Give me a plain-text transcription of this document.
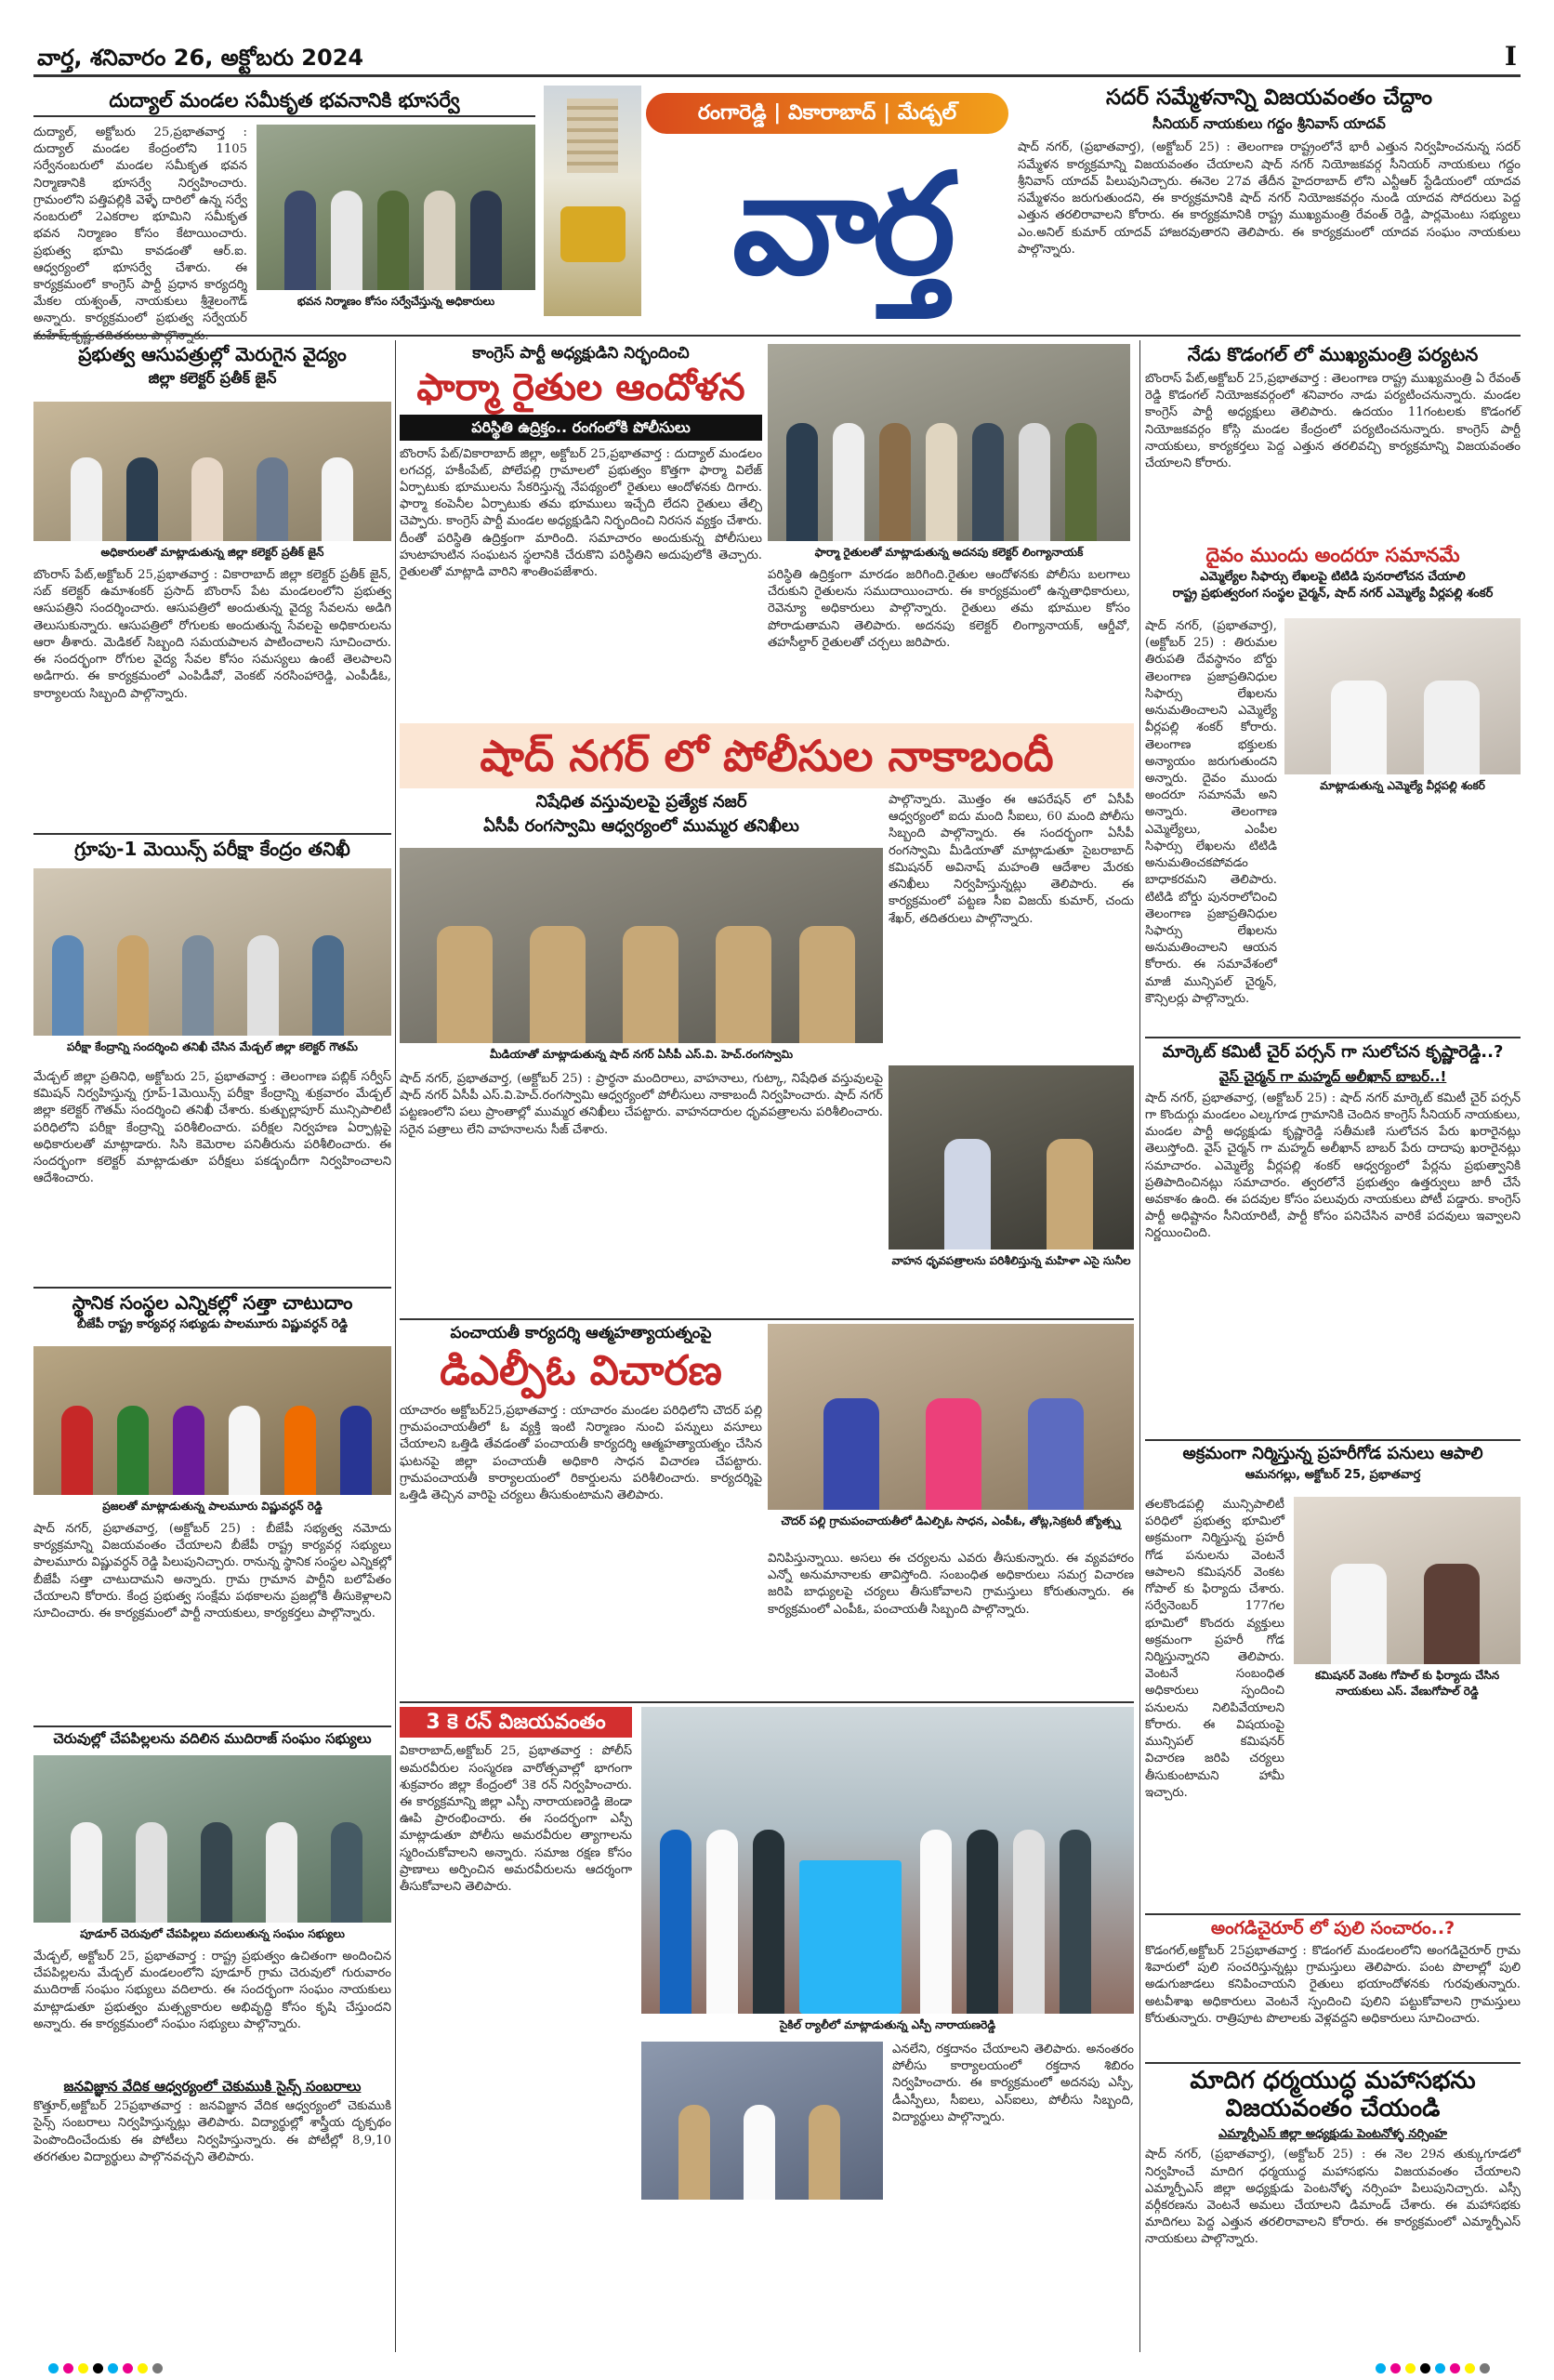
వార్త, శనివారం 26, అక్టోబరు 2024	I
దుద్యాల్ మండల సమీకృత భవనానికి భూసర్వే
దుద్యాల్, అక్టోబరు 25,ప్రభాతవార్త : దుద్యాల్ మండల కేంద్రంలోని 1105 సర్వేనంబరులో మండల సమీకృత భవన నిర్మాణానికి భూసర్వే నిర్వహించారు. గ్రామంలోని పత్తిపల్లికి వెళ్ళే దారిలో ఉన్న సర్వే నంబరులో 2ఎకరాల భూమిని సమీకృత భవన నిర్మాణం కోసం కేటాయించారు. ప్రభుత్వ భూమి కావడంతో ఆర్.ఐ. ఆధ్వర్యంలో భూసర్వే చేశారు. ఈ కార్యక్రమంలో కాంగ్రెస్ పార్టీ ప్రధాన కార్యదర్శి మేకల యశ్వంత్, నాయకులు శ్రీశైలంగౌడ్ అన్నారు. కార్యక్రమంలో ప్రభుత్వ సర్వేయర్
భవన నిర్మాణం కోసం సర్వేచేస్తున్న అధికారులు
రంగారెడ్డి | వికారాబాద్ | మేడ్చల్
వార్త
సదర్ సమ్మేళనాన్ని విజయవంతం చేద్దాం
సీనియర్ నాయకులు గద్దం శ్రీనివాస్ యాదవ్
షాద్ నగర్, (ప్రభాతవార్త), (అక్టోబర్ 25) : తెలంగాణ రాష్ట్రంలోనే భారీ ఎత్తున నిర్వహించనున్న సదర్ సమ్మేళన కార్యక్రమాన్ని విజయవంతం చేయాలని షాద్ నగర్ నియోజకవర్గ సీనియర్ నాయకులు గద్దం శ్రీనివాస్ యాదవ్ పిలుపునిచ్చారు. ఈనెల 27వ తేదీన హైదరాబాద్ లోని ఎన్టీఆర్ స్టేడియంలో యాదవ సమ్మేళనం జరుగుతుందని, ఈ కార్యక్రమానికి షాద్ నగర్ నియోజకవర్గం నుండి యాదవ సోదరులు పెద్ద ఎత్తున తరలిరావాలని కోరారు. ఈ కార్యక్రమానికి రాష్ట్ర ముఖ్యమంత్రి రేవంత్ రెడ్డి, పార్లమెంటు సభ్యులు ఎం.అనిల్ కుమార్ యాదవ్ హాజరవుతారని తెలిపారు. ఈ కార్యక్రమంలో యాదవ సంఘం నాయకులు పాల్గొన్నారు.
ప్రభుత్వ ఆసుపత్రుల్లో మెరుగైన వైద్యం
జిల్లా కలెక్టర్ ప్రతీక్ జైన్
అధికారులతో మాట్లాడుతున్న జిల్లా కలెక్టర్ ప్రతీక్ జైన్
బొంరాస్ పేట్,అక్టోబర్ 25,ప్రభాతవార్త : వికారాబాద్ జిల్లా కలెక్టర్ ప్రతీక్ జైన్, సబ్ కలెక్టర్ ఉమాశంకర్ ప్రసాద్ బొంరాస్ పేట మండలంలోని ప్రభుత్వ ఆసుపత్రిని సందర్శించారు. ఆసుపత్రిలో అందుతున్న వైద్య సేవలను అడిగి తెలుసుకున్నారు. ఆసుపత్రిలో రోగులకు అందుతున్న సేవలపై అధికారులను ఆరా తీశారు. మెడికల్ సిబ్బంది సమయపాలన పాటించాలని సూచించారు. ఈ సందర్భంగా రోగుల వైద్య సేవల కోసం సమస్యలు ఉంటే తెలపాలని అడిగారు. ఈ కార్యక్రమంలో ఎంపిడీవో, వెంకట్ నరసింహారెడ్డి, ఎంపీడీఓ, కార్యాలయ సిబ్బంది పాల్గొన్నారు.
కాంగ్రెస్ పార్టీ అధ్యక్షుడిని నిర్భందించి
ఫార్మా రైతుల ఆందోళన
పరిస్థితి ఉద్రిక్తం.. రంగంలోకి పోలీసులు
బొంరాస్ పేట్/వికారాబాద్ జిల్లా, అక్టోబర్ 25,ప్రభాతవార్త : దుద్యాల్ మండలం లగచర్ల, హకీంపేట్, పోలేపల్లి గ్రామాలలో ప్రభుత్వం కొత్తగా ఫార్మా విలేజ్ ఏర్పాటుకు భూములను సేకరిస్తున్న నేపథ్యంలో రైతులు ఆందోళనకు దిగారు. ఫార్మా కంపెనీల ఏర్పాటుకు తమ భూములు ఇచ్చేది లేదని రైతులు తేల్చి చెప్పారు. కాంగ్రెస్ పార్టీ మండల అధ్యక్షుడిని నిర్భందించి నిరసన వ్యక్తం చేశారు. దీంతో పరిస్థితి ఉద్రిక్తంగా మారింది. సమాచారం అందుకున్న పోలీసులు హుటాహుటిన సంఘటన స్థలానికి చేరుకొని పరిస్థితిని అదుపులోకి తెచ్చారు. రైతులతో మాట్లాడి వారిని శాంతింపజేశారు.
ఫార్మా రైతులతో మాట్లాడుతున్న అదనపు కలెక్టర్ లింగ్యానాయక్
పరిస్థితి ఉద్రిక్తంగా మారడం జరిగింది.రైతుల ఆందోళనకు పోలీసు బలగాలు చేరుకుని రైతులను సముదాయించారు. ఈ కార్యక్రమంలో ఉన్నతాధికారులు, రెవెన్యూ అధికారులు పాల్గొన్నారు. రైతులు తమ భూముల కోసం పోరాడుతామని తెలిపారు. అదనపు కలెక్టర్ లింగ్యానాయక్, ఆర్డీవో, తహసీల్దార్ రైతులతో చర్చలు జరిపారు.
నేడు కొడంగల్ లో ముఖ్యమంత్రి పర్యటన
బొంరాస్ పేట్,అక్టోబర్ 25,ప్రభాతవార్త : తెలంగాణ రాష్ట్ర ముఖ్యమంత్రి ఏ రేవంత్ రెడ్డి కొడంగల్ నియోజకవర్గంలో శనివారం నాడు పర్యటించనున్నారు. మండల కాంగ్రెస్ పార్టీ అధ్యక్షులు తెలిపారు. ఉదయం 11గంటలకు కొడంగల్ నియోజకవర్గం కోస్గి మండల కేంద్రంలో పర్యటించనున్నారు. కాంగ్రెస్ పార్టీ నాయకులు, కార్యకర్తలు పెద్ద ఎత్తున తరలివచ్చి కార్యక్రమాన్ని విజయవంతం చేయాలని కోరారు.
దైవం ముందు అందరూ సమానమే
ఎమ్మెల్యేల సిఫార్సు లేఖలపై టిటిడి పునరాలోచన చేయాలి
రాష్ట్ర ప్రభుత్వరంగ సంస్థల చైర్మన్, షాద్ నగర్ ఎమ్మెల్యే వీర్లపల్లి శంకర్
మాట్లాడుతున్న ఎమ్మెల్యే వీర్లపల్లి శంకర్
షాద్ నగర్, (ప్రభాతవార్త), (అక్టోబర్ 25) : తిరుమల తిరుపతి దేవస్థానం బోర్డు తెలంగాణ ప్రజాప్రతినిధుల సిఫార్సు లేఖలను అనుమతించాలని ఎమ్మెల్యే వీర్లపల్లి శంకర్ కోరారు. తెలంగాణ భక్తులకు అన్యాయం జరుగుతుందని అన్నారు. దైవం ముందు అందరూ సమానమే అని అన్నారు. తెలంగాణ ఎమ్మెల్యేలు, ఎంపీల సిఫార్సు లేఖలను టిటిడి అనుమతించకపోవడం బాధాకరమని తెలిపారు. టిటిడి బోర్డు పునరాలోచించి తెలంగాణ ప్రజాప్రతినిధుల సిఫార్సు లేఖలను అనుమతించాలని ఆయన కోరారు. ఈ సమావేశంలో మాజీ మున్సిపల్ చైర్మన్, కౌన్సిలర్లు పాల్గొన్నారు.
షాద్ నగర్ లో పోలీసుల నాకాబందీ
గ్రూపు-1 మెయిన్స్ పరీక్షా కేంద్రం తనిఖీ
పరీక్షా కేంద్రాన్ని సందర్శించి తనిఖీ చేసిన మేడ్చల్ జిల్లా కలెక్టర్ గౌతమ్
మేడ్చల్ జిల్లా ప్రతినిధి, అక్టోబరు 25, ప్రభాతవార్త : తెలంగాణ పబ్లిక్ సర్వీస్ కమిషన్ నిర్వహిస్తున్న గ్రూప్-1మెయిన్స్ పరీక్షా కేంద్రాన్ని శుక్రవారం మేడ్చల్ జిల్లా కలెక్టర్ గౌతమ్ సందర్శించి తనిఖీ చేశారు. కుత్బుల్లాపూర్ మున్సిపాలిటీ పరిధిలోని పరీక్షా కేంద్రాన్ని పరిశీలించారు. పరీక్షల నిర్వహణ ఏర్పాట్లపై అధికారులతో మాట్లాడారు. సిసి కెమెరాల పనితీరును పరిశీలించారు. ఈ సందర్భంగా కలెక్టర్ మాట్లాడుతూ పరీక్షలు పకడ్బందీగా నిర్వహించాలని ఆదేశించారు.
నిషేధిత వస్తువులపై ప్రత్యేక నజర్
ఏసీపీ రంగస్వామి ఆధ్వర్యంలో ముమ్మర తనిఖీలు
మీడియాతో మాట్లాడుతున్న షాద్ నగర్ ఏసీపీ ఎస్.వి. హెచ్.రంగస్వామి
షాద్ నగర్, ప్రభాతవార్త, (అక్టోబర్ 25) : ప్రార్థనా మందిరాలు, వాహనాలు, గుట్కా, నిషేధిత వస్తువులపై షాద్ నగర్ ఏసీపీ ఎస్.వి.హెచ్.రంగస్వామి ఆధ్వర్యంలో పోలీసులు నాకాబందీ నిర్వహించారు. షాద్ నగర్ పట్టణంలోని పలు ప్రాంతాల్లో ముమ్మర తనిఖీలు చేపట్టారు. వాహనదారుల ధృవపత్రాలను పరిశీలించారు. సరైన పత్రాలు లేని వాహనాలను సీజ్ చేశారు.
పాల్గొన్నారు. మొత్తం ఈ ఆపరేషన్ లో ఏసీపీ ఆధ్వర్యంలో ఐదు మంది సీఐలు, 60 మంది పోలీసు సిబ్బంది పాల్గొన్నారు. ఈ సందర్భంగా ఏసీపీ రంగస్వామి మీడియాతో మాట్లాడుతూ సైబరాబాద్ కమిషనర్ అవినాష్ మహంతి ఆదేశాల మేరకు తనిఖీలు నిర్వహిస్తున్నట్లు తెలిపారు. ఈ కార్యక్రమంలో పట్టణ సీఐ విజయ్ కుమార్, చందు శేఖర్, తదితరులు పాల్గొన్నారు.
వాహన ధృవపత్రాలను పరిశీలిస్తున్న మహిళా ఎసై సునీల
మార్కెట్ కమిటీ చైర్ పర్సన్ గా సులోచన కృష్ణారెడ్డి..?
వైస్ చైర్మన్ గా మహ్మద్ అలీఖాన్ బాబర్..!
షాద్ నగర్, ప్రభాతవార్త, (అక్టోబర్ 25) : షాద్ నగర్ మార్కెట్ కమిటీ చైర్ పర్సన్ గా కొందుర్గు మండలం ఎల్కగూడ గ్రామానికి చెందిన కాంగ్రెస్ సీనియర్ నాయకులు, మండల పార్టీ అధ్యక్షుడు కృష్ణారెడ్డి సతీమణి సులోచన పేరు ఖరారైనట్లు తెలుస్తోంది. వైస్ చైర్మన్ గా మహ్మద్ అలీఖాన్ బాబర్ పేరు దాదాపు ఖరారైనట్లు సమాచారం. ఎమ్మెల్యే వీర్లపల్లి శంకర్ ఆధ్వర్యంలో పేర్లను ప్రభుత్వానికి ప్రతిపాదించినట్లు సమాచారం. త్వరలోనే ప్రభుత్వం ఉత్తర్వులు జారీ చేసే అవకాశం ఉంది. ఈ పదవుల కోసం పలువురు నాయకులు పోటీ పడ్డారు. కాంగ్రెస్ పార్టీ అధిష్టానం సీనియారిటీ, పార్టీ కోసం పనిచేసిన వారికే పదవులు ఇవ్వాలని నిర్ణయించింది.
స్థానిక సంస్థల ఎన్నికల్లో సత్తా చాటుదాం
బీజేపీ రాష్ట్ర కార్యవర్గ సభ్యుడు పాలమూరు విష్ణువర్ధన్ రెడ్డి
ప్రజలతో మాట్లాడుతున్న పాలమూరు విష్ణువర్ధన్ రెడ్డి
షాద్ నగర్, ప్రభాతవార్త, (అక్టోబర్ 25) : బీజేపీ సభ్యత్వ నమోదు కార్యక్రమాన్ని విజయవంతం చేయాలని బీజేపీ రాష్ట్ర కార్యవర్గ సభ్యులు పాలమూరు విష్ణువర్ధన్ రెడ్డి పిలుపునిచ్చారు. రానున్న స్థానిక సంస్థల ఎన్నికల్లో బీజేపీ సత్తా చాటుదామని అన్నారు. గ్రామ గ్రామాన పార్టీని బలోపేతం చేయాలని కోరారు. కేంద్ర ప్రభుత్వ సంక్షేమ పథకాలను ప్రజల్లోకి తీసుకెళ్లాలని సూచించారు. ఈ కార్యక్రమంలో పార్టీ నాయకులు, కార్యకర్తలు పాల్గొన్నారు.
పంచాయతీ కార్యదర్శి ఆత్మహత్యాయత్నంపై
డిఎల్పీఓ విచారణ
యాచారం అక్టోబర్25,ప్రభాతవార్త : యాచారం మండల పరిధిలోని చౌదర్ పల్లి గ్రామపంచాయతీలో ఓ వ్యక్తి ఇంటి నిర్మాణం నుంచి పన్నులు వసూలు చేయాలని ఒత్తిడి తేవడంతో పంచాయతీ కార్యదర్శి ఆత్మహత్యాయత్నం చేసిన ఘటనపై జిల్లా పంచాయతీ అధికారి సాధన విచారణ చేపట్టారు. గ్రామపంచాయతీ కార్యాలయంలో రికార్డులను పరిశీలించారు. కార్యదర్శిపై ఒత్తిడి తెచ్చిన వారిపై చర్యలు తీసుకుంటామని తెలిపారు.
చౌదర్ పల్లి గ్రామపంచాయతీలో డిఎల్పిఓ సాధన, ఎంపీఓ, తోట్ల,సెక్రటరీ జ్యోత్స్న
వినిపిస్తున్నాయి. అసలు ఈ చర్యలను ఎవరు తీసుకున్నారు. ఈ వ్యవహారం ఎన్నో అనుమానాలకు తావిస్తోంది. సంబంధిత అధికారులు సమగ్ర విచారణ జరిపి బాధ్యులపై చర్యలు తీసుకోవాలని గ్రామస్తులు కోరుతున్నారు. ఈ కార్యక్రమంలో ఎంపీఓ, పంచాయతీ సిబ్బంది పాల్గొన్నారు.
అక్రమంగా నిర్మిస్తున్న ప్రహరీగోడ పనులు ఆపాలి
ఆమనగల్లు, అక్టోబర్ 25, ప్రభాతవార్త
తలకొండపల్లి మున్సిపాలిటీ పరిధిలో ప్రభుత్వ భూమిలో అక్రమంగా నిర్మిస్తున్న ప్రహరీ గోడ పనులను వెంటనే ఆపాలని కమిషనర్ వెంకట గోపాల్ కు ఫిర్యాదు చేశారు. సర్వేనెంబర్ 177గల భూమిలో కొందరు వ్యక్తులు అక్రమంగా ప్రహరీ గోడ నిర్మిస్తున్నారని తెలిపారు. వెంటనే సంబంధిత అధికారులు స్పందించి పనులను నిలిపివేయాలని కోరారు. ఈ విషయంపై మున్సిపల్ కమిషనర్ విచారణ జరిపి చర్యలు తీసుకుంటామని హామీ ఇచ్చారు.
కమిషనర్ వెంకట గోపాల్ కు ఫిర్యాదు చేసిన నాయకులు ఎస్. వేణుగోపాల్ రెడ్డి
అంగడిచైరూర్ లో పులి సంచారం..?
కొడంగల్,అక్టోబర్ 25ప్రభాతవార్త : కొడంగల్ మండలంలోని అంగడిచైరూర్ గ్రామ శివారులో పులి సంచరిస్తున్నట్లు గ్రామస్తులు తెలిపారు. పంట పొలాల్లో పులి అడుగుజాడలు కనిపించాయని రైతులు భయాందోళనకు గురవుతున్నారు. అటవీశాఖ అధికారులు వెంటనే స్పందించి పులిని పట్టుకోవాలని గ్రామస్తులు కోరుతున్నారు. రాత్రిపూట పొలాలకు వెళ్లవద్దని అధికారులు సూచించారు.
మాదిగ ధర్మయుద్ధ మహాసభను విజయవంతం చేయండి
ఎమ్మార్పీఎస్ జిల్లా అధ్యక్షుడు పెంటనోళ్ళ నర్సింహ
షాద్ నగర్, (ప్రభాతవార్త), (అక్టోబర్ 25) : ఈ నెల 29న తుక్కుగూడలో నిర్వహించే మాదిగ ధర్మయుద్ధ మహాసభను విజయవంతం చేయాలని ఎమ్మార్పీఎస్ జిల్లా అధ్యక్షుడు పెంటనోళ్ళ నర్సింహ పిలుపునిచ్చారు. ఎస్సీ వర్గీకరణను వెంటనే అమలు చేయాలని డిమాండ్ చేశారు. ఈ మహాసభకు మాదిగలు పెద్ద ఎత్తున తరలిరావాలని కోరారు. ఈ కార్యక్రమంలో ఎమ్మార్పీఎస్ నాయకులు పాల్గొన్నారు.
చెరువుల్లో చేపపిల్లలను వదిలిన ముదిరాజ్ సంఘం సభ్యులు
పూడూర్ చెరువులో చేపపిల్లలు వదులుతున్న సంఘం సభ్యులు
మేడ్చల్, అక్టోబర్ 25, ప్రభాతవార్త : రాష్ట్ర ప్రభుత్వం ఉచితంగా అందించిన చేపపిల్లలను మేడ్చల్ మండలంలోని పూడూర్ గ్రామ చెరువులో గురువారం ముదిరాజ్ సంఘం సభ్యులు వదిలారు. ఈ సందర్భంగా సంఘం నాయకులు మాట్లాడుతూ ప్రభుత్వం మత్స్యకారుల అభివృద్ధి కోసం కృషి చేస్తుందని అన్నారు. ఈ కార్యక్రమంలో సంఘం సభ్యులు పాల్గొన్నారు.
జనవిజ్ఞాన వేదిక ఆధ్వర్యంలో చెకుముకి సైన్స్ సంబరాలు
కొత్తూర్,అక్టోబర్ 25ప్రభాతవార్త : జనవిజ్ఞాన వేదిక ఆధ్వర్యంలో చెకుముకి సైన్స్ సంబరాలు నిర్వహిస్తున్నట్లు తెలిపారు. విద్యార్థుల్లో శాస్త్రీయ దృక్పథం పెంపొందించేందుకు ఈ పోటీలు నిర్వహిస్తున్నారు. ఈ పోటీల్లో 8,9,10 తరగతుల విద్యార్థులు పాల్గొనవచ్చని తెలిపారు.
3 కె రన్ విజయవంతం
వికారాబాద్,అక్టోబర్ 25, ప్రభాతవార్త : పోలీస్ అమరవీరుల సంస్మరణ వారోత్సవాల్లో భాగంగా శుక్రవారం జిల్లా కేంద్రంలో 3కె రన్ నిర్వహించారు. ఈ కార్యక్రమాన్ని జిల్లా ఎస్పీ నారాయణరెడ్డి జెండా ఊపి ప్రారంభించారు. ఈ సందర్భంగా ఎస్పీ మాట్లాడుతూ పోలీసు అమరవీరుల త్యాగాలను స్మరించుకోవాలని అన్నారు. సమాజ రక్షణ కోసం ప్రాణాలు అర్పించిన అమరవీరులను ఆదర్శంగా తీసుకోవాలని తెలిపారు.
సైకిల్ ర్యాలీలో మాట్లాడుతున్న ఎస్పీ నారాయణరెడ్డి
ఎనలేని, రక్తదానం చేయాలని తెలిపారు. అనంతరం పోలీసు కార్యాలయంలో రక్తదాన శిబిరం నిర్వహించారు. ఈ కార్యక్రమంలో అదనపు ఎస్పీ, డీఎస్పీలు, సీఐలు, ఎస్ఐలు, పోలీసు సిబ్బంది, విద్యార్థులు పాల్గొన్నారు.
